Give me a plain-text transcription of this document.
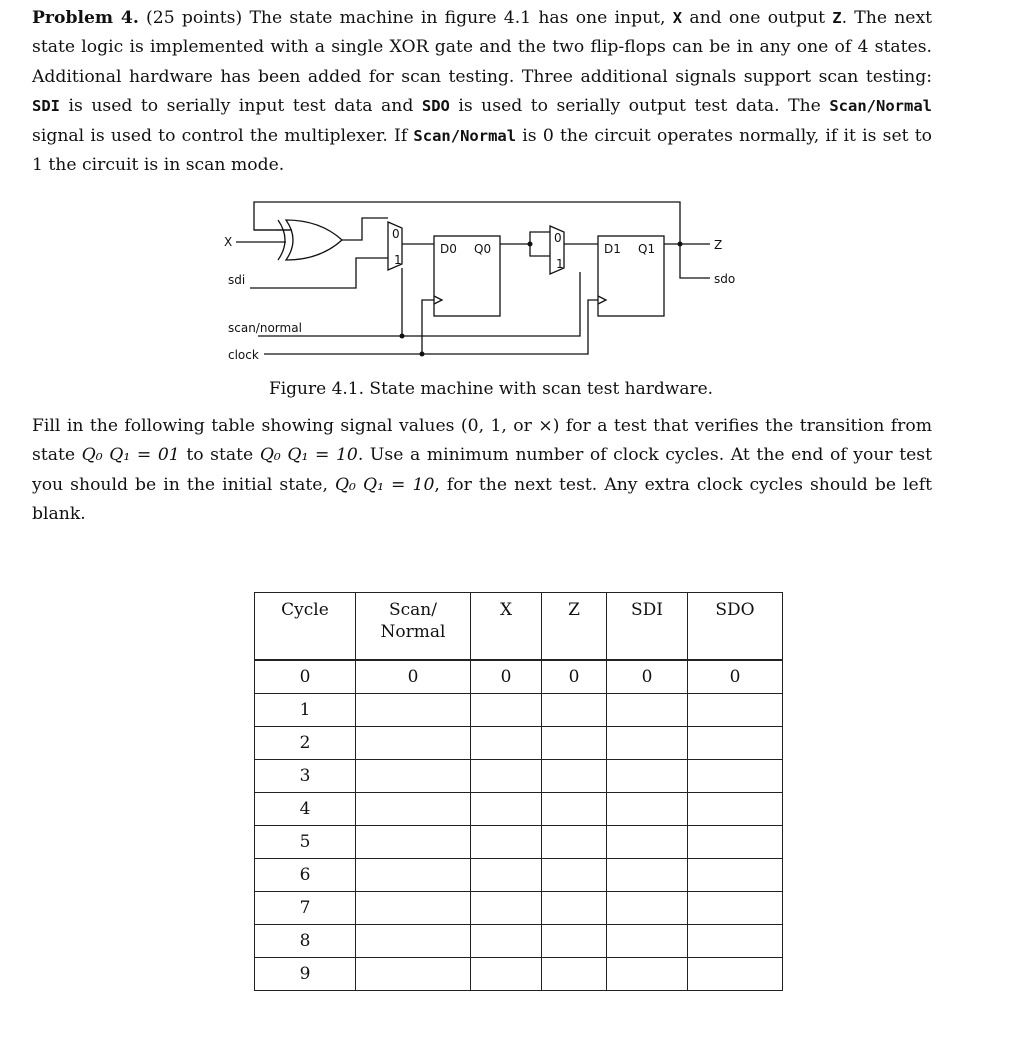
Problem 4. (25 points) The state machine in figure 4.1 has one input, X and one output Z. The next state logic is implemented with a single XOR gate and the two flip-flops can be in any one of 4 states. Additional hardware has been added for scan testing. Three additional signals support scan testing: SDI is used to serially input test data and SDO is used to serially output test data. The Scan/Normal signal is used to control the multiplexer. If Scan/Normal is 0 the circuit operates normally, if it is set to 1 the circuit is in scan mode.
X
sdi
scan/normal
clock
Z
sdo
D0 Q0	D1 Q1
0
1
0
1
Figure 4.1. State machine with scan test hardware.
Fill in the following table showing signal values (0, 1, or ×) for a test that verifies the transition from state Q₀ Q₁ = 01 to state Q₀ Q₁ = 10. Use a minimum number of clock cycles. At the end of your test you should be in the initial state, Q₀ Q₁ = 10, for the next test. Any extra clock cycles should be left blank.
Cycle	Scan/ Normal	X	Z	SDI	SDO
0	0	0	0	0	0
1					
2					
3					
4					
5					
6					
7					
8					
9					
